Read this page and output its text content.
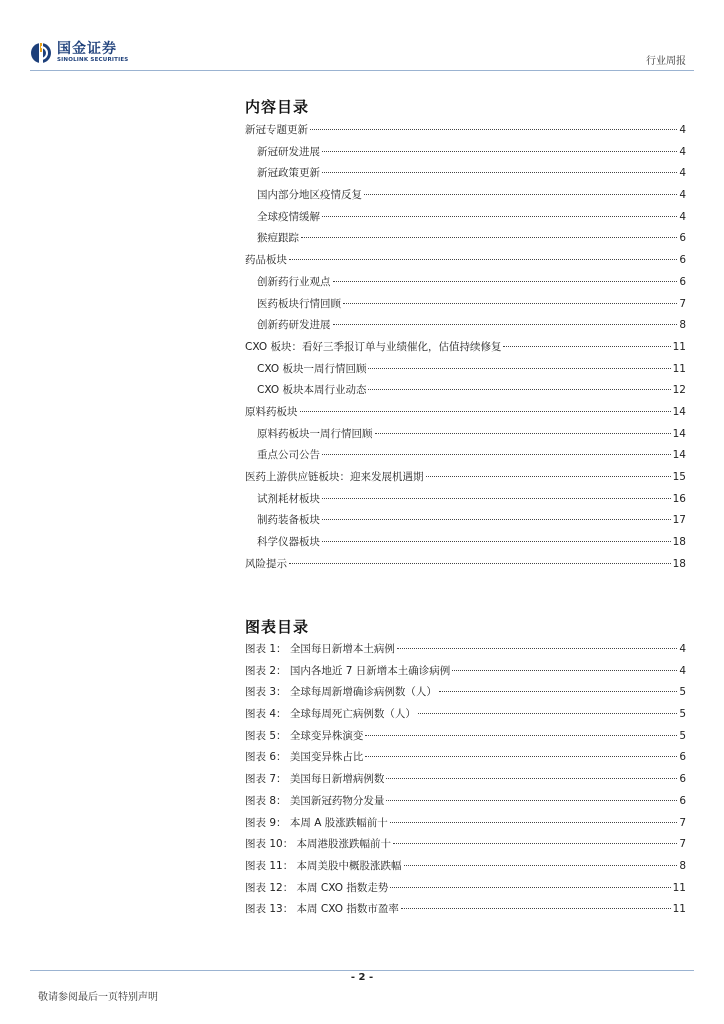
国金证券
SINOLINK SECURITIES	行业周报
内容目录
新冠专题更新	4
新冠研发进展	4
新冠政策更新	4
国内部分地区疫情反复	4
全球疫情缓解	4
猴痘跟踪	6
药品板块	6
创新药行业观点	6
医药板块行情回顾	7
创新药研发进展	8
CXO 板块：看好三季报订单与业绩催化，估值持续修复	11
CXO 板块一周行情回顾	11
CXO 板块本周行业动态	12
原料药板块	14
原料药板块一周行情回顾	14
重点公司公告	14
医药上游供应链板块：迎来发展机遇期	15
试剂耗材板块	16
制药装备板块	17
科学仪器板块	18
风险提示	18
图表目录
图表 1： 全国每日新增本土病例	4
图表 2： 国内各地近 7 日新增本土确诊病例	4
图表 3： 全球每周新增确诊病例数（人）	5
图表 4： 全球每周死亡病例数（人）	5
图表 5： 全球变异株演变	5
图表 6： 美国变异株占比	6
图表 7： 美国每日新增病例数	6
图表 8： 美国新冠药物分发量	6
图表 9： 本周 A 股涨跌幅前十	7
图表 10： 本周港股涨跌幅前十	7
图表 11： 本周美股中概股涨跌幅	8
图表 12： 本周 CXO 指数走势	11
图表 13： 本周 CXO 指数市盈率	11
- 2 -
敬请参阅最后一页特别声明
